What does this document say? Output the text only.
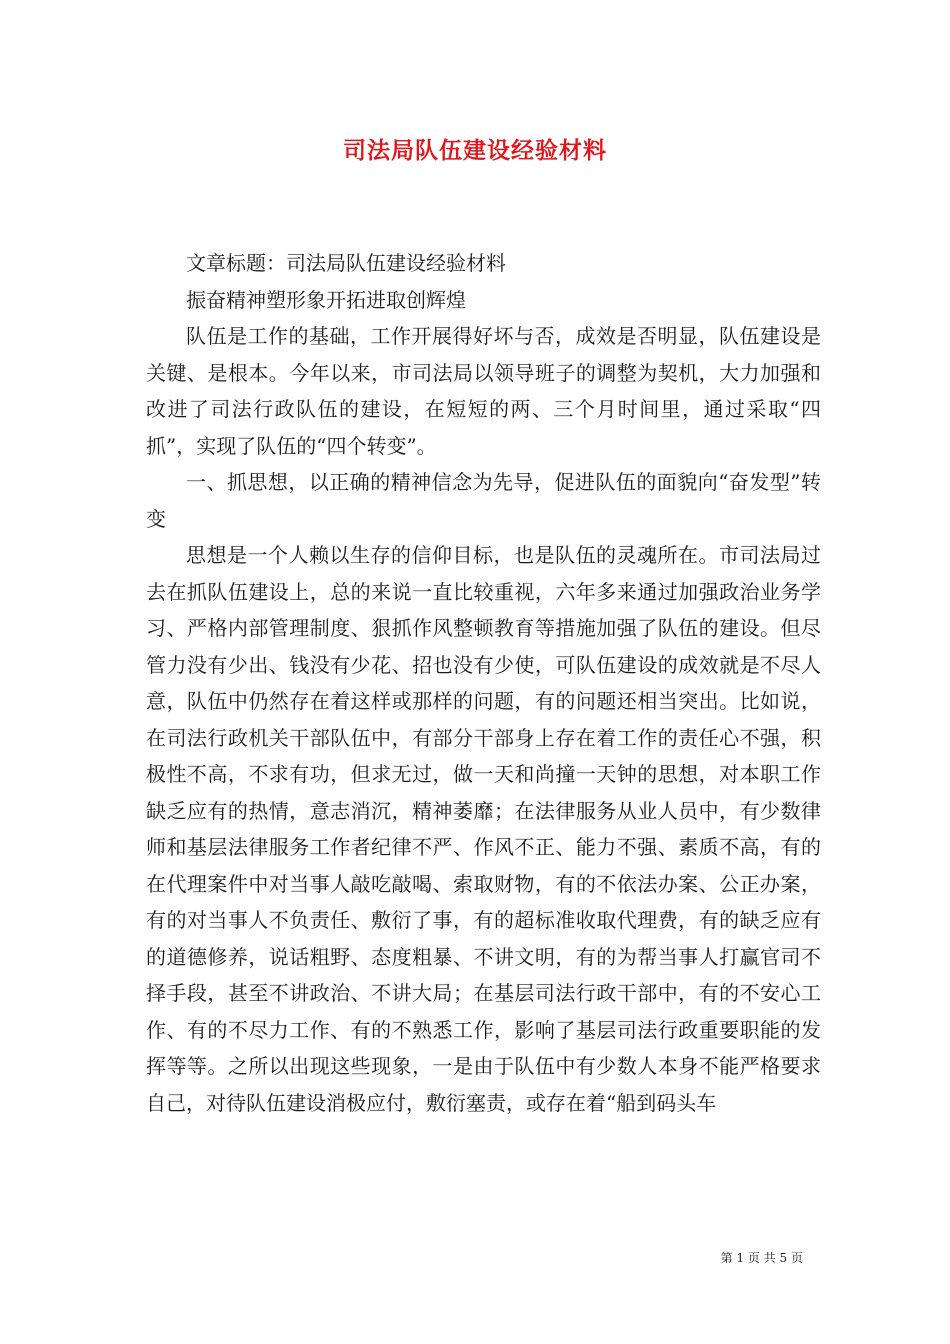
司法局队伍建设经验材料

文章标题：司法局队伍建设经验材料

振奋精神塑形象开拓进取创辉煌

队伍是工作的基础，工作开展得好坏与否，成效是否明显，队伍建设是关键、是根本。今年以来，市司法局以领导班子的调整为契机，大力加强和改进了司法行政队伍的建设，在短短的两、三个月时间里，通过采取“四抓”，实现了队伍的“四个转变”。

一、抓思想，以正确的精神信念为先导，促进队伍的面貌向“奋发型”转变

思想是一个人赖以生存的信仰目标，也是队伍的灵魂所在。市司法局过去在抓队伍建设上，总的来说一直比较重视，六年多来通过加强政治业务学习、严格内部管理制度、狠抓作风整顿教育等措施加强了队伍的建设。但尽管力没有少出、钱没有少花、招也没有少使，可队伍建设的成效就是不尽人意，队伍中仍然存在着这样或那样的问题，有的问题还相当突出。比如说，在司法行政机关干部队伍中，有部分干部身上存在着工作的责任心不强，积极性不高，不求有功，但求无过，做一天和尚撞一天钟的思想，对本职工作缺乏应有的热情，意志消沉，精神萎靡；在法律服务从业人员中，有少数律师和基层法律服务工作者纪律不严、作风不正、能力不强、素质不高，有的在代理案件中对当事人敲吃敲喝、索取财物，有的不依法办案、公正办案，有的对当事人不负责任、敷衍了事，有的超标准收取代理费，有的缺乏应有的道德修养，说话粗野、态度粗暴、不讲文明，有的为帮当事人打赢官司不择手段，甚至不讲政治、不讲大局；在基层司法行政干部中，有的不安心工作、有的不尽力工作、有的不熟悉工作，影响了基层司法行政重要职能的发挥等等。之所以出现这些现象，一是由于队伍中有少数人本身不能严格要求自己，对待队伍建设消极应付，敷衍塞责，或存在着“船到码头车

第 1 页 共 5 页
